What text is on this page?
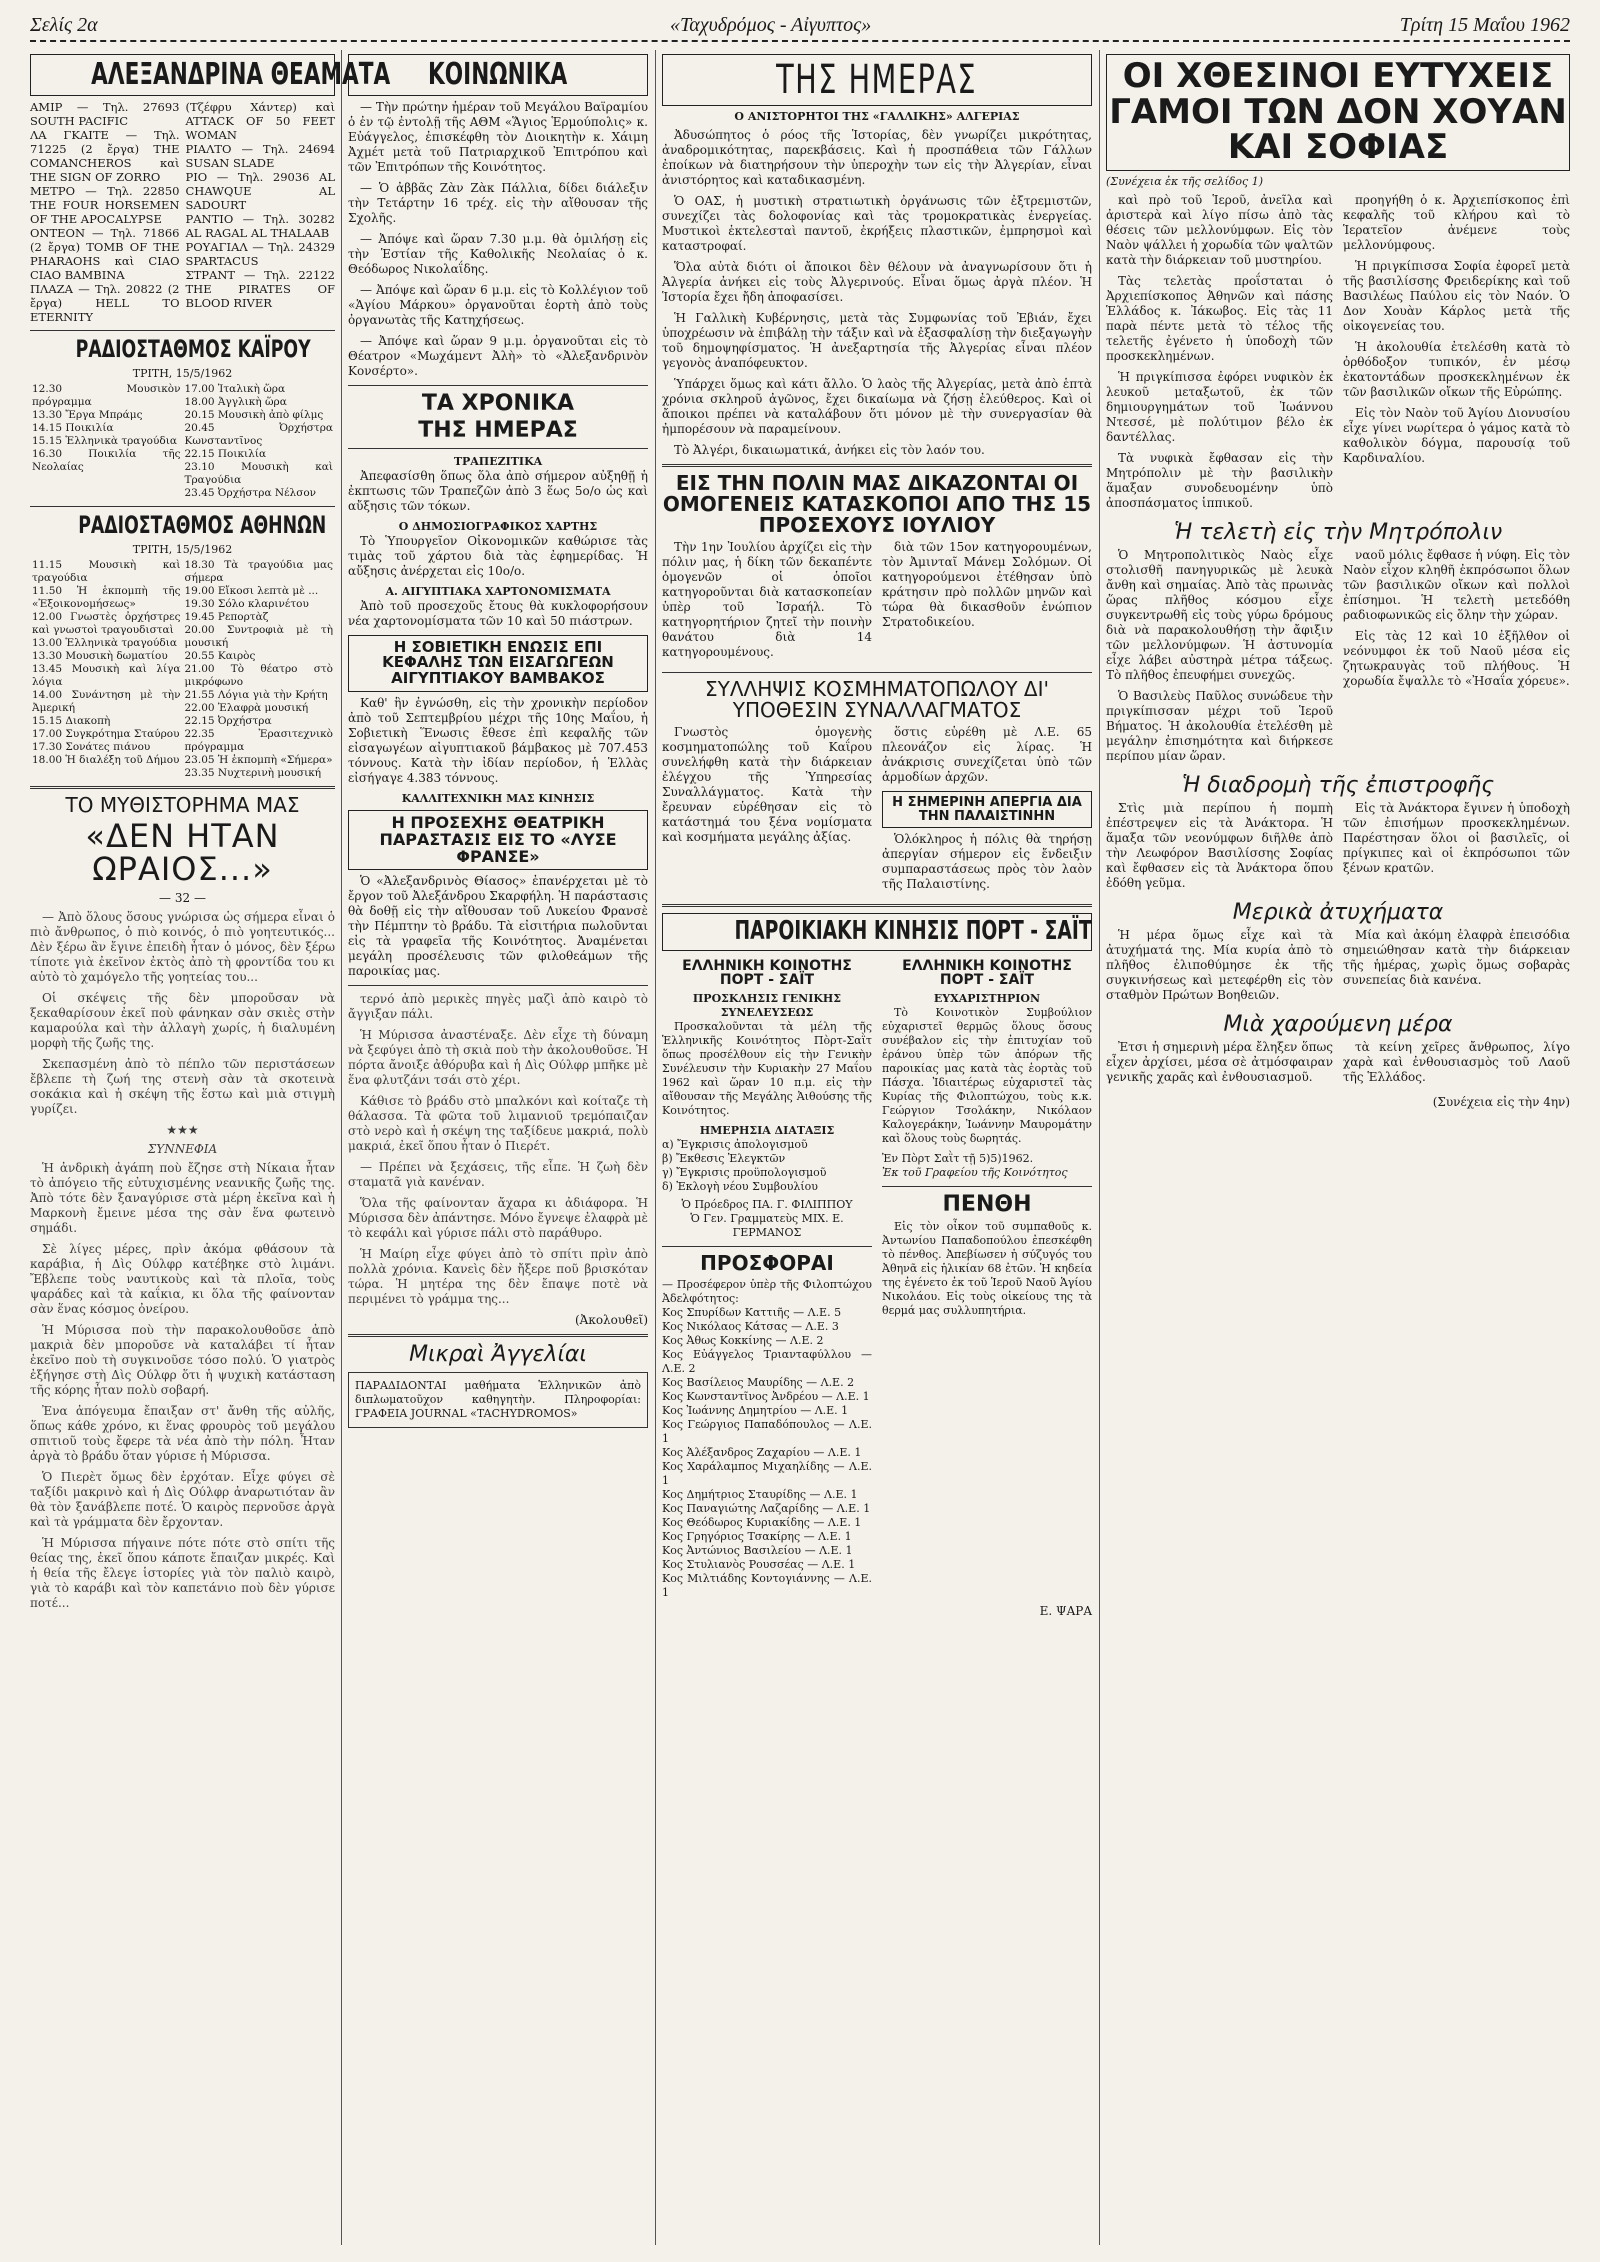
Σελίς 2α	«Ταχυδρόμος - Αἰγυπτος»	Τρίτη 15 Μαΐου 1962
ΑΛΕΞΑΝΔΡΙΝΑ ΘΕΑΜΑΤΑ
ΑΜΙΡ — Τηλ. 27693 SOUTH PACIFIC
ΛΑ ΓΚΑΙΤΕ — Τηλ. 71225 (2 ἔργα) THE COMANCHEROS καὶ THE SIGN OF ZORRO
ΜΕΤΡΟ — Τηλ. 22850 THE FOUR HORSEMEN OF THE APOCALYPSE
ΟΝΤΕΟΝ — Τηλ. 71866 (2 ἔργα) TOMB OF THE PHARAOHS καὶ CIAO CIAO BAMBINA
ΠΛΑΖΑ — Τηλ. 20822 (2 ἔργα) HELL TO ETERNITY
(Τζέφρυ Χάντερ) καὶ ATTACK OF 50 FEET WOMAN
ΡΙΑΛΤΟ — Τηλ. 24694 SUSAN SLADE
ΡΙΟ — Τηλ. 29036 AL CHAWQUE AL SADOURT
ΡΑΝΤΙΟ — Τηλ. 30282 AL RAGAL AL THALAAB
ΡΟΥΑΓΙΑΛ — Τηλ. 24329 SPARTACUS
ΣΤΡΑΝΤ — Τηλ. 22122 THE PIRATES OF BLOOD RIVER
ΡΑΔΙΟΣΤΑΘΜΟΣ ΚΑΪΡΟΥ
ΤΡΙΤΗ, 15/5/1962
12.30 Μουσικὸν πρόγραμμα
13.30 Ἔργα Μπράμς
14.15 Ποικιλία
15.15 Ἑλληνικὰ τραγούδια
16.30 Ποικιλία τῆς Νεολαίας

17.00 Ἰταλικὴ ὥρα
18.00 Ἀγγλικὴ ὥρα
20.15 Μουσικὴ ἀπὸ φίλμς
20.45 Ὀρχήστρα Κωνσταντῖνος
22.15 Ποικιλία
23.10 Μουσικὴ καὶ Τραγούδια
23.45 Ὀρχήστρα Νέλσον
ΡΑΔΙΟΣΤΑΘΜΟΣ ΑΘΗΝΩΝ
ΤΡΙΤΗ, 15/5/1962
11.15 Μουσικὴ καὶ τραγούδια
11.50 Ἡ ἑκπομπὴ τῆς «Ἐξοικονομήσεως»
12.00 Γνωστὲς ὀρχήστρες καὶ γνωστοὶ τραγουδισταὶ
13.00 Ἑλληνικὰ τραγούδια
13.30 Μουσικὴ δωματίου
13.45 Μουσικὴ καὶ λίγα λόγια
14.00 Συνάντηση μὲ τὴν Ἀμερική
15.15 Διακοπὴ
17.00 Συγκρότημα Σταύρου
17.30 Σονάτες πιάνου
18.00 Ἡ διαλέξη τοῦ Δήμου

18.30 Τὰ τραγούδια μας σήμερα
19.00 Εἴκοσι λεπτὰ μὲ ...
19.30 Σόλο κλαρινέτου
19.45 Ρεπορτὰζ
20.00 Συντροφιὰ μὲ τὴ μουσική
20.55 Καιρὸς
21.00 Τὸ θέατρο στὸ μικρόφωνο
21.55 Λόγια γιὰ τὴν Κρήτη
22.00 Ἐλαφρὰ μουσική
22.15 Ὀρχήστρα
22.35 Ἐρασιτεχνικὸ πρόγραμμα
23.05 Ἡ ἑκπομπὴ «Σήμερα»
23.35 Νυχτερινὴ μουσική
ΤΟ ΜΥΘΙΣΤΟΡΗΜΑ ΜΑΣ
«ΔΕΝ ΗΤΑΝ ΩΡΑΙΟΣ...»
— 32 —

— Ἀπὸ ὅλους ὅσους γνώρισα ὡς σήμερα εἶναι ὁ πιὸ ἄνθρωπος, ὁ πιὸ κοινός, ὁ πιὸ γοητευτικός... Δὲν ξέρω ἂν ἔγινε ἐπειδὴ ἦταν ὁ μόνος, δὲν ξέρω τίποτε γιὰ ἐκεῖνον ἐκτὸς ἀπὸ τὴ φροντίδα του κι αὐτὸ τὸ χαμόγελο τῆς γοητείας του...

Οἱ σκέψεις τῆς δὲν μποροῦσαν νὰ ξεκαθαρίσουν ἐκεῖ ποὺ φάνηκαν σὰν σκιὲς στὴν καμαρούλα καὶ τὴν ἀλλαγὴ χωρίς, ἡ διαλυμένη μορφὴ τῆς ζωῆς της.

Σκεπασμένη ἀπὸ τὸ πέπλο τῶν περιστάσεων ἔβλεπε τὴ ζωή της στενὴ σὰν τὰ σκοτεινὰ σοκάκια καὶ ἡ σκέψη τῆς ἕστω καὶ μιὰ στιγμὴ γυρίζει.

★★★
ΣΥΝΝΕΦΙΑ

Ἡ ἀνδρικὴ ἀγάπη ποὺ ἔζησε στὴ Νίκαια ἦταν τὸ ἀπόγειο τῆς εὐτυχισμένης νεανικῆς ζωῆς της. Ἀπὸ τότε δὲν ξαναγύρισε στὰ μέρη ἐκεῖνα καὶ ἡ Μαρκονὴ ἔμεινε μέσα της σὰν ἕνα φωτεινὸ σημάδι.

Σὲ λίγες μέρες, πρὶν ἀκόμα φθάσουν τὰ καράβια, ἡ Δὶς Ούλφρ κατέβηκε στὸ λιμάνι. Ἔβλεπε τοὺς ναυτικοὺς καὶ τὰ πλοῖα, τοὺς ψαράδες καὶ τὰ καΐκια, κι ὅλα τῆς φαίνονταν σὰν ἕνας κόσμος ὀνείρου.

Ἡ Μύρισσα ποὺ τὴν παρακολουθοῦσε ἀπὸ μακριὰ δὲν μποροῦσε νὰ καταλάβει τί ἦταν ἐκεῖνο ποὺ τὴ συγκινοῦσε τόσο πολύ. Ὁ γιατρὸς ἐξήγησε στὴ Δὶς Ούλφρ ὅτι ἡ ψυχικὴ κατάσταση τῆς κόρης ἦταν πολὺ σοβαρή.

Ἐνα ἀπόγευμα ἔπαιξαν στ' ἄνθη τῆς αὐλῆς, ὅπως κάθε χρόνο, κι ἕνας φρουρὸς τοῦ μεγάλου σπιτιοῦ τοὺς ἔφερε τὰ νέα ἀπὸ τὴν πόλη. Ἦταν ἀργὰ τὸ βράδυ ὅταν γύρισε ἡ Μύρισσα.

Ὁ Πιερὲτ ὅμως δὲν ἐρχόταν. Εἶχε φύγει σὲ ταξίδι μακρινὸ καὶ ἡ Δὶς Ούλφρ ἀναρωτιόταν ἂν θὰ τὸν ξανάβλεπε ποτέ. Ὁ καιρὸς περνοῦσε ἀργὰ καὶ τὰ γράμματα δὲν ἔρχονταν.

Ἡ Μύρισσα πήγαινε πότε πότε στὸ σπίτι τῆς θείας της, ἐκεῖ ὅπου κάποτε ἔπαιζαν μικρές. Καὶ ἡ θεία τῆς ἔλεγε ἱστορίες γιὰ τὸν παλιὸ καιρὸ, γιὰ τὸ καράβι καὶ τὸν καπετάνιο ποὺ δὲν γύρισε ποτέ...

ΚΟΙΝΩΝΙΚΑ

— Τὴν πρώτην ἡμέραν τοῦ Μεγάλου Βαϊραμίου ὁ ἐν τῷ ἐντολῇ τῆς ΑΘΜ «Ἅγιος Ἑρμούπολις» κ. Εὐάγγελος, ἐπισκέφθη τὸν Διοικητὴν κ. Χάιμη Ἀχμέτ μετὰ τοῦ Πατριαρχικοῦ Ἐπιτρόπου καὶ τῶν Ἐπιτρόπων τῆς Κοινότητος.

— Ὁ ἀββᾶς Ζὰν Ζὰκ Πάλλια, δίδει διάλεξιν τὴν Τετάρτην 16 τρέχ. εἰς τὴν αἴθουσαν τῆς Σχολῆς.

— Ἀπόψε καὶ ὥραν 7.30 μ.μ. θὰ ὁμιλήσῃ εἰς τὴν Ἑστίαν τῆς Καθολικῆς Νεολαίας ὁ κ. Θεόδωρος Νικολαΐδης.

— Ἀπόψε καὶ ὥραν 6 μ.μ. εἰς τὸ Κολλέγιον τοῦ «Ἁγίου Μάρκου» ὀργανοῦται ἑορτὴ ἀπὸ τοὺς ὀργανωτὰς τῆς Κατηχήσεως.

— Ἀπόψε καὶ ὥραν 9 μ.μ. ὀργανοῦται εἰς τὸ Θέατρον «Μωχάμεντ Ἀλὴ» τὸ «Ἀλεξανδρινὸν Κονσέρτο».

ΤΑ ΧΡΟΝΙΚΑ
ΤΗΣ ΗΜΕΡΑΣ
ΤΡΑΠΕΖΙΤΙΚΑ

Ἀπεφασίσθη ὅπως ὅλα ἀπὸ σήμερον αὐξηθῇ ἡ ἐκπτωσις τῶν Τραπεζῶν ἀπὸ 3 ἕως 5ο/ο ὡς καὶ αὔξησις τῶν τόκων.

Ο ΔΗΜΟΣΙΟΓΡΑΦΙΚΟΣ ΧΑΡΤΗΣ

Τὸ Ὑπουργεῖον Οἰκονομικῶν καθώρισε τὰς τιμὰς τοῦ χάρτου διὰ τὰς ἐφημερίδας. Ἡ αὔξησις ἀνέρχεται εἰς 10ο/ο.

Α. ΑΙΓΥΠΤΙΑΚΑ ΧΑΡΤΟΝΟΜΙΣΜΑΤΑ

Ἀπὸ τοῦ προσεχοῦς ἔτους θὰ κυκλοφορήσουν νέα χαρτονομίσματα τῶν 10 καὶ 50 πιάστρων.

Η ΣΟΒΙΕΤΙΚΗ ΕΝΩΣΙΣ ΕΠΙ ΚΕΦΑΛΗΣ ΤΩΝ ΕΙΣΑΓΩΓΕΩΝ ΑΙΓΥΠΤΙΑΚΟΥ ΒΑΜΒΑΚΟΣ

Καθ' ἣν ἐγνώσθη, εἰς τὴν χρονικὴν περίοδον ἀπὸ τοῦ Σεπτεμβρίου μέχρι τῆς 10ης Μαΐου, ἡ Σοβιετικὴ Ἕνωσις ἔθεσε ἐπὶ κεφαλῆς τῶν εἰσαγωγέων αἰγυπτιακοῦ βάμβακος μὲ 707.453 τόννους. Κατὰ τὴν ἰδίαν περίοδον, ἡ Ἑλλὰς εἰσήγαγε 4.383 τόννους.

ΚΑΛΛΙΤΕΧΝΙΚΗ ΜΑΣ ΚΙΝΗΣΙΣ
Η ΠΡΟΣΕΧΗΣ ΘΕΑΤΡΙΚΗ ΠΑΡΑΣΤΑΣΙΣ ΕΙΣ ΤΟ «ΛΥΣΕ ΦΡΑΝΣΕ»

Ὁ «Ἀλεξανδρινὸς Θίασος» ἐπανέρχεται μὲ τὸ ἔργον τοῦ Ἀλεξάνδρου Σκαρφήλη. Ἡ παράστασις θὰ δοθῇ εἰς τὴν αἴθουσαν τοῦ Λυκείου Φρανσὲ τὴν Πέμπτην τὸ βράδυ. Τὰ εἰσιτήρια πωλοῦνται εἰς τὰ γραφεῖα τῆς Κοινότητος. Ἀναμένεται μεγάλη προσέλευσις τῶν φιλοθεάμων τῆς παροικίας μας.

τερνό ἀπὸ μερικὲς πηγὲς μαζὶ ἀπὸ καιρὸ τὸ ἄγγιξαν πάλι.

Ἡ Μύρισσα ἀναστέναξε. Δὲν εἶχε τὴ δύναμη νὰ ξεφύγει ἀπὸ τὴ σκιὰ ποὺ τὴν ἀκολουθοῦσε. Ἡ πόρτα ἄνοιξε ἀθόρυβα καὶ ἡ Δὶς Ούλφρ μπῆκε μὲ ἕνα φλυτζάνι τσάι στὸ χέρι.

Κάθισε τὸ βράδυ στὸ μπαλκόνι καὶ κοίταζε τὴ θάλασσα. Τὰ φῶτα τοῦ λιμανιοῦ τρεμόπαιζαν στὸ νερὸ καὶ ἡ σκέψη της ταξίδευε μακριά, πολὺ μακριά, ἐκεῖ ὅπου ἦταν ὁ Πιερέτ.

— Πρέπει νὰ ξεχάσεις, τῆς εἶπε. Ἡ ζωὴ δὲν σταματᾶ γιὰ κανέναν.

Ὅλα τῆς φαίνονταν ἄχαρα κι ἀδιάφορα. Ἡ Μύρισσα δὲν ἀπάντησε. Μόνο ἔγνεψε ἐλαφρὰ μὲ τὸ κεφάλι καὶ γύρισε πάλι στὸ παράθυρο.

Ἡ Μαίρη εἶχε φύγει ἀπὸ τὸ σπίτι πρὶν ἀπὸ πολλὰ χρόνια. Κανεὶς δὲν ἤξερε ποῦ βρισκόταν τώρα. Ἡ μητέρα της δὲν ἔπαψε ποτὲ νὰ περιμένει τὸ γράμμα της...

(Ἀκολουθεῖ)
Μικραὶ Ἀγγελίαι
ΠΑΡΑΔΙΔΟΝΤΑΙ μαθήματα Ἑλληνικῶν ἀπὸ διπλωματοῦχον καθηγητὴν. Πληροφορίαι: ΓΡΑΦΕΙΑ JOURNAL «TACHYDROMOS»
ΤΗΣ ΗΜΕΡΑΣ
Ο ΑΝΙΣΤΟΡΗΤΟΙ ΤΗΣ «ΓΑΛΛΙΚΗΣ» ΑΛΓΕΡΙΑΣ

Ἀδυσώπητος ὁ ρόος τῆς Ἱστορίας, δὲν γνωρίζει μικρότητας, ἀναδρομικότητας, παρεκβάσεις. Καὶ ἡ προσπάθεια τῶν Γάλλων ἐποίκων νὰ διατηρήσουν τὴν ὑπεροχὴν των εἰς τὴν Ἀλγερίαν, εἶναι ἀνιστόρητος καὶ καταδικασμένη.

Ὁ ΟΑΣ, ἡ μυστικὴ στρατιωτικὴ ὀργάνωσις τῶν ἐξτρεμιστῶν, συνεχίζει τὰς δολοφονίας καὶ τὰς τρομοκρατικὰς ἐνεργείας. Μυστικοὶ ἐκτελεσταὶ παντοῦ, ἐκρήξεις πλαστικῶν, ἐμπρησμοὶ καὶ καταστροφαί.

Ὅλα αὐτὰ διότι οἱ ἄποικοι δὲν θέλουν νὰ ἀναγνωρίσουν ὅτι ἡ Ἀλγερία ἀνήκει εἰς τοὺς Ἀλγερινούς. Εἶναι ὅμως ἀργὰ πλέον. Ἡ Ἱστορία ἔχει ἤδη ἀποφασίσει.

Ἡ Γαλλικὴ Κυβέρνησις, μετὰ τὰς Συμφωνίας τοῦ Ἐβιάν, ἔχει ὑποχρέωσιν νὰ ἐπιβάλῃ τὴν τάξιν καὶ νὰ ἐξασφαλίσῃ τὴν διεξαγωγὴν τοῦ δημοψηφίσματος. Ἡ ἀνεξαρτησία τῆς Ἀλγερίας εἶναι πλέον γεγονὸς ἀναπόφευκτον.

Ὑπάρχει ὅμως καὶ κάτι ἄλλο. Ὁ λαὸς τῆς Ἀλγερίας, μετὰ ἀπὸ ἑπτὰ χρόνια σκληροῦ ἀγῶνος, ἔχει δικαίωμα νὰ ζήσῃ ἐλεύθερος. Καὶ οἱ ἄποικοι πρέπει νὰ καταλάβουν ὅτι μόνον μὲ τὴν συνεργασίαν θὰ ἠμπορέσουν νὰ παραμείνουν.

Τὸ Ἀλγέρι, δικαιωματικά, ἀνήκει εἰς τὸν λαόν του.

ΕΙΣ ΤΗΝ ΠΟΛΙΝ ΜΑΣ ΔΙΚΑΖΟΝΤΑΙ ΟΙ ΟΜΟΓΕΝΕΙΣ ΚΑΤΑΣΚΟΠΟΙ ΑΠΟ ΤΗΣ 15 ΠΡΟΣΕΧΟΥΣ ΙΟΥΛΙΟΥ

Τὴν 1ην Ἰουλίου ἀρχίζει εἰς τὴν πόλιν μας, ἡ δίκη τῶν δεκαπέντε ὁμογενῶν οἱ ὁποῖοι κατηγοροῦνται διὰ κατασκοπείαν ὑπὲρ τοῦ Ἰσραήλ. Τὸ κατηγορητήριον ζητεῖ τὴν ποινὴν θανάτου διὰ 14 κατηγορουμένους.

διὰ τῶν 15ον κατηγορουμένων, τὸν Ἀμινταῖ Μάνεμ Σολόμων. Οἱ κατηγορούμενοι ἐτέθησαν ὑπὸ κράτησιν πρὸ πολλῶν μηνῶν καὶ τώρα θὰ δικασθοῦν ἐνώπιον Στρατοδικείου.

ΣΥΛΛΗΨΙΣ ΚΟΣΜΗΜΑΤΟΠΩΛΟΥ ΔΙ' ΥΠΟΘΕΣΙΝ ΣΥΝΑΛΛΑΓΜΑΤΟΣ

Γνωστὸς ὁμογενὴς κοσμηματοπώλης τοῦ Καΐρου συνελήφθη κατὰ τὴν διάρκειαν ἐλέγχου τῆς Ὑπηρεσίας Συναλλάγματος. Κατὰ τὴν ἔρευναν εὑρέθησαν εἰς τὸ κατάστημά του ξένα νομίσματα καὶ κοσμήματα μεγάλης ἀξίας.

ὅστις εὑρέθη μὲ Λ.Ε. 65 πλεονάζον εἰς λίρας. Ἡ ἀνάκρισις συνεχίζεται ὑπὸ τῶν ἁρμοδίων ἀρχῶν.

Η ΣΗΜΕΡΙΝΗ ΑΠΕΡΓΙΑ ΔΙΑ ΤΗΝ ΠΑΛΑΙΣΤΙΝΗΝ

Ὁλόκληρος ἡ πόλις θὰ τηρήσῃ ἀπεργίαν σήμερον εἰς ἔνδειξιν συμπαραστάσεως πρὸς τὸν λαὸν τῆς Παλαιστίνης.

ΠΑΡΟΙΚΙΑΚΗ ΚΙΝΗΣΙΣ ΠΟΡΤ - ΣΑΪΤ
ΕΛΛΗΝΙΚΗ ΚΟΙΝΟΤΗΣ ΠΟΡΤ - ΣΑΪΤ
ΠΡΟΣΚΛΗΣΙΣ ΓΕΝΙΚΗΣ ΣΥΝΕΛΕΥΣΕΩΣ

Προσκαλοῦνται τὰ μέλη τῆς Ἑλληνικῆς Κοινότητος Πὸρτ-Σαῒτ ὅπως προσέλθουν εἰς τὴν Γενικὴν Συνέλευσιν τὴν Κυριακὴν 27 Μαΐου 1962 καὶ ὥραν 10 π.μ. εἰς τὴν αἴθουσαν τῆς Μεγάλης Ἀιθούσης τῆς Κοινότητος.

ΗΜΕΡΗΣΙΑ ΔΙΑΤΑΞΙΣ
α) Ἔγκρισις ἀπολογισμοῦ
β) Ἔκθεσις Ἐλεγκτῶν
γ) Ἔγκρισις προϋπολογισμοῦ
δ) Ἐκλογὴ νέου Συμβουλίου
Ὁ Πρόεδρος ΠΑ. Γ. ΦΙΛΙΠΠΟΥ
Ὁ Γεν. Γραμματεὺς ΜΙΧ. Ε. ΓΕΡΜΑΝΟΣ
ΠΡΟΣΦΟΡΑΙ
— Προσέφερον ὑπὲρ τῆς Φιλοπτώχου Ἀδελφότητος:
Κος Σπυρίδων Καττιῆς — Λ.Ε. 5
Κος Νικόλαος Κάτσας — Λ.Ε. 3
Κος Ἀθως Κοκκίνης — Λ.Ε. 2
Κος Εὐάγγελος Τριανταφύλλου — Λ.Ε. 2
Κος Βασίλειος Μαυρίδης — Λ.Ε. 2
Κος Κωνσταντῖνος Ἀνδρέου — Λ.Ε. 1
Κος Ἰωάννης Δημητρίου — Λ.Ε. 1
Κος Γεώργιος Παπαδόπουλος — Λ.Ε. 1
Κος Ἀλέξανδρος Ζαχαρίου — Λ.Ε. 1
Κος Χαράλαμπος Μιχαηλίδης — Λ.Ε. 1
Κος Δημήτριος Σταυρίδης — Λ.Ε. 1
Κος Παναγιώτης Λαζαρίδης — Λ.Ε. 1
Κος Θεόδωρος Κυριακίδης — Λ.Ε. 1
Κος Γρηγόριος Τσακίρης — Λ.Ε. 1
Κος Ἀντώνιος Βασιλείου — Λ.Ε. 1
Κος Στυλιανὸς Ρουσσέας — Λ.Ε. 1
Κος Μιλτιάδης Κοντογιάννης — Λ.Ε. 1
ΕΛΛΗΝΙΚΗ ΚΟΙΝΟΤΗΣ ΠΟΡΤ - ΣΑΪΤ
ΕΥΧΑΡΙΣΤΗΡΙΟΝ

Τὸ Κοινοτικὸν Συμβούλιον εὐχαριστεῖ θερμῶς ὅλους ὅσους συνέβαλον εἰς τὴν ἐπιτυχίαν τοῦ ἐράνου ὑπὲρ τῶν ἀπόρων τῆς παροικίας μας κατὰ τὰς ἑορτὰς τοῦ Πάσχα. Ἰδιαιτέρως εὐχαριστεῖ τὰς Κυρίας τῆς Φιλοπτώχου, τοὺς κ.κ. Γεώργιον Τσολάκην, Νικόλαον Καλογεράκην, Ἰωάννην Μαυρομάτην καὶ ὅλους τοὺς δωρητάς.

Ἐν Πὸρτ Σαῒτ τῇ 5)5)1962.
Ἐκ τοῦ Γραφείου τῆς Κοινότητος
ΠΕΝΘΗ

Εἰς τὸν οἶκον τοῦ συμπαθοῦς κ. Ἀντωνίου Παπαδοπούλου ἐπεσκέφθη τὸ πένθος. Ἀπεβίωσεν ἡ σύζυγός του Ἀθηνᾶ εἰς ἡλικίαν 68 ἐτῶν. Ἡ κηδεία της ἐγένετο ἐκ τοῦ Ἱεροῦ Ναοῦ Ἁγίου Νικολάου. Εἰς τοὺς οἰκείους της τὰ θερμά μας συλλυπητήρια.

Ε. ΨΑΡΑ
ΟΙ ΧΘΕΣΙΝΟΙ ΕΥΤΥΧΕΙΣ ΓΑΜΟΙ ΤΩΝ ΔΟΝ ΧΟΥΑΝ ΚΑΙ ΣΟΦΙΑΣ
(Συνέχεια ἐκ τῆς σελίδος 1)

καὶ πρὸ τοῦ Ἱεροῦ, ἀνεῖλα καὶ ἀριστερὰ καὶ λίγο πίσω ἀπὸ τὰς θέσεις τῶν μελλονύμφων. Εἰς τὸν Ναὸν ψάλλει ἡ χορωδία τῶν ψαλτῶν κατὰ τὴν διάρκειαν τοῦ μυστηρίου.

Τὰς τελετὰς προΐσταται ὁ Ἀρχιεπίσκοπος Ἀθηνῶν καὶ πάσης Ἑλλάδος κ. Ἰάκωβος. Εἰς τὰς 11 παρὰ πέντε μετὰ τὸ τέλος τῆς τελετῆς ἐγένετο ἡ ὑποδοχὴ τῶν προσκεκλημένων.

Ἡ πριγκίπισσα ἐφόρει νυφικὸν ἐκ λευκοῦ μεταξωτοῦ, ἐκ τῶν δημιουργημάτων τοῦ Ἰωάννου Ντεσσέ, μὲ πολύτιμον βέλο ἐκ δαντέλλας.

Τὰ νυφικὰ ἔφθασαν εἰς τὴν Μητρόπολιν μὲ τὴν βασιλικὴν ἅμαξαν συνοδευομένην ὑπὸ ἀποσπάσματος ἱππικοῦ.

προηγήθη ὁ κ. Ἀρχιεπίσκοπος ἐπὶ κεφαλῆς τοῦ κλήρου καὶ τὸ Ἱερατεῖον ἀνέμενε τοὺς μελλονύμφους.

Ἡ πριγκίπισσα Σοφία ἐφορεῖ μετὰ τῆς βασιλίσσης Φρειδερίκης καὶ τοῦ Βασιλέως Παύλου εἰς τὸν Ναόν. Ὁ Δον Χουὰν Κάρλος μετὰ τῆς οἰκογενείας του.

Ἡ ἀκολουθία ἐτελέσθη κατὰ τὸ ὀρθόδοξον τυπικόν, ἐν μέσῳ ἐκατοντάδων προσκεκλημένων ἐκ τῶν βασιλικῶν οἴκων τῆς Εὐρώπης.

Εἰς τὸν Ναὸν τοῦ Ἁγίου Διονυσίου εἶχε γίνει νωρίτερα ὁ γάμος κατὰ τὸ καθολικὸν δόγμα, παρουσίᾳ τοῦ Καρδιναλίου.

Ἡ τελετὴ εἰς τὴν Μητρόπολιν

Ὁ Μητροπολιτικὸς Ναὸς εἶχε στολισθῆ πανηγυρικῶς μὲ λευκὰ ἄνθη καὶ σημαίας. Ἀπὸ τὰς πρωινὰς ὥρας πλῆθος κόσμου εἶχε συγκεντρωθῆ εἰς τοὺς γύρω δρόμους διὰ νὰ παρακολουθήσῃ τὴν ἄφιξιν τῶν μελλονύμφων. Ἡ ἀστυνομία εἶχε λάβει αὐστηρὰ μέτρα τάξεως. Τὸ πλῆθος ἐπευφήμει συνεχῶς.

Ὁ Βασιλεὺς Παῦλος συνώδευε τὴν πριγκίπισσαν μέχρι τοῦ Ἱεροῦ Βήματος. Ἡ ἀκολουθία ἐτελέσθη μὲ μεγάλην ἐπισημότητα καὶ διήρκεσε περίπου μίαν ὥραν.

ναοῦ μόλις ἔφθασε ἡ νύφη. Εἰς τὸν Ναὸν εἶχον κληθῆ ἐκπρόσωποι ὅλων τῶν βασιλικῶν οἴκων καὶ πολλοὶ ἐπίσημοι. Ἡ τελετὴ μετεδόθη ραδιοφωνικῶς εἰς ὅλην τὴν χώραν.

Εἰς τὰς 12 καὶ 10 ἐξῆλθον οἱ νεόνυμφοι ἐκ τοῦ Ναοῦ μέσα εἰς ζητωκραυγὰς τοῦ πλήθους. Ἡ χορωδία ἔψαλλε τὸ «Ἠσαΐα χόρευε».

Ἡ διαδρομὴ τῆς ἐπιστροφῆς

Στὶς μιὰ περίπου ἡ πομπὴ ἐπέστρεψεν εἰς τὰ Ἀνάκτορα. Ἡ ἅμαξα τῶν νεονύμφων διῆλθε ἀπὸ τὴν Λεωφόρον Βασιλίσσης Σοφίας καὶ ἔφθασεν εἰς τὰ Ἀνάκτορα ὅπου ἐδόθη γεῦμα.

Εἰς τὰ Ἀνάκτορα ἔγινεν ἡ ὑποδοχὴ τῶν ἐπισήμων προσκεκλημένων. Παρέστησαν ὅλοι οἱ βασιλεῖς, οἱ πρίγκιπες καὶ οἱ ἐκπρόσωποι τῶν ξένων κρατῶν.

Μερικὰ ἀτυχήματα

Ἡ μέρα ὅμως εἶχε καὶ τὰ ἀτυχήματά της. Μία κυρία ἀπὸ τὸ πλῆθος ἐλιποθύμησε ἐκ τῆς συγκινήσεως καὶ μετεφέρθη εἰς τὸν σταθμὸν Πρώτων Βοηθειῶν.

Μία καὶ ἀκόμη ἐλαφρὰ ἐπεισόδια σημειώθησαν κατὰ τὴν διάρκειαν τῆς ἡμέρας, χωρὶς ὅμως σοβαρὰς συνεπείας διὰ κανένα.

Μιὰ χαρούμενη μέρα

Ἐτσι ἡ σημερινὴ μέρα ἔληξεν ὅπως εἶχεν ἀρχίσει, μέσα σὲ ἀτμόσφαιραν γενικῆς χαρᾶς καὶ ἐνθουσιασμοῦ.

τὰ κείνη χεῖρες ἄνθρωπος, λίγο χαρὰ καὶ ἐνθουσιασμὸς τοῦ Λαοῦ τῆς Ἑλλάδος.

(Συνέχεια εἰς τὴν 4ην)
